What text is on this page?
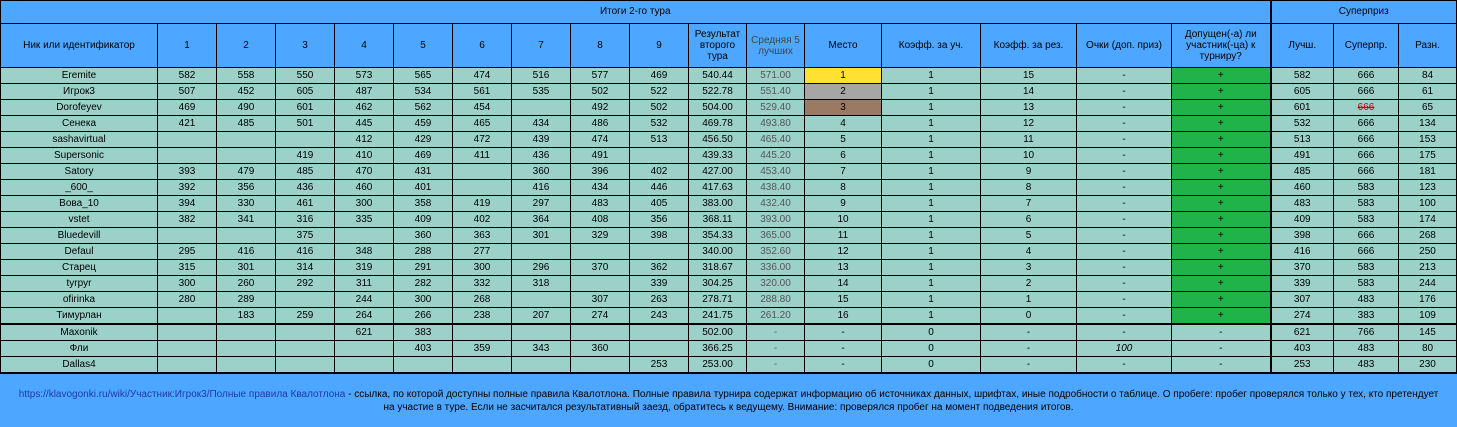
Итоги 2-го тура																	Суперприз		
Ник или идентификатор	1	2	3	4	5	6	7	8	9	Результат второго тура	Средняя 5 лучших	Место	Коэфф. за уч.	Коэфф. за рез.	Очки (доп. приз)	Допущен(-а) ли участник(-ца) к турниру?	Лучш.	Суперпр.	Разн.
Eremite	582	558	550	573	565	474	516	577	469	540.44	571.00	1	1	15	-	+	582	666	84
Игрок3	507	452	605	487	534	561	535	502	522	522.78	551.40	2	1	14	-	+	605	666	61
Dorofeyev	469	490	601	462	562	454		492	502	504.00	529.40	3	1	13	-	+	601	666	65
Сенека	421	485	501	445	459	465	434	486	532	469.78	493.80	4	1	12	-	+	532	666	134
sashavirtual				412	429	472	439	474	513	456.50	465.40	5	1	11	-	+	513	666	153
Supersonic			419	410	469	411	436	491		439.33	445.20	6	1	10	-	+	491	666	175
Satory	393	479	485	470	431		360	396	402	427.00	453.40	7	1	9	-	+	485	666	181
_600_	392	356	436	460	401		416	434	446	417.63	438.40	8	1	8	-	+	460	583	123
Вова_10	394	330	461	300	358	419	297	483	405	383.00	432.40	9	1	7	-	+	483	583	100
vstet	382	341	316	335	409	402	364	408	356	368.11	393.00	10	1	6	-	+	409	583	174
Bluedevill			375		360	363	301	329	398	354.33	365.00	11	1	5	-	+	398	666	268
Defaul	295	416	416	348	288	277				340.00	352.60	12	1	4	-	+	416	666	250
Старец	315	301	314	319	291	300	296	370	362	318.67	336.00	13	1	3	-	+	370	583	213
tyrpyr	300	260	292	311	282	332	318		339	304.25	320.00	14	1	2	-	+	339	583	244
ofirinka	280	289		244	300	268		307	263	278.71	288.80	15	1	1	-	+	307	483	176
Тимурлан		183	259	264	266	238	207	274	243	241.75	261.20	16	1	0	-	+	274	383	109
Maxonik				621	383					502.00	-	-	0	-	-	-	621	766	145
Фли					403	359	343	360		366.25	-	-	0	-	100	-	403	483	80
Dallas4									253	253.00	-	-	0	-	-	-	253	483	230
https://klavogonki.ru/wiki/Участник:Игрок3/Полные правила Квалотлона - ссылка, по которой доступны полные правила Квалотлона. Полные правила турнира содержат информацию об источниках данных, шрифтах, иные подробности о таблице. О пробеге: пробег проверялся только у тех, кто претендует на участие в туре. Если не засчитался результативный заезд, обратитесь к ведущему. Внимание: проверялся пробег на момент подведения итогов.
